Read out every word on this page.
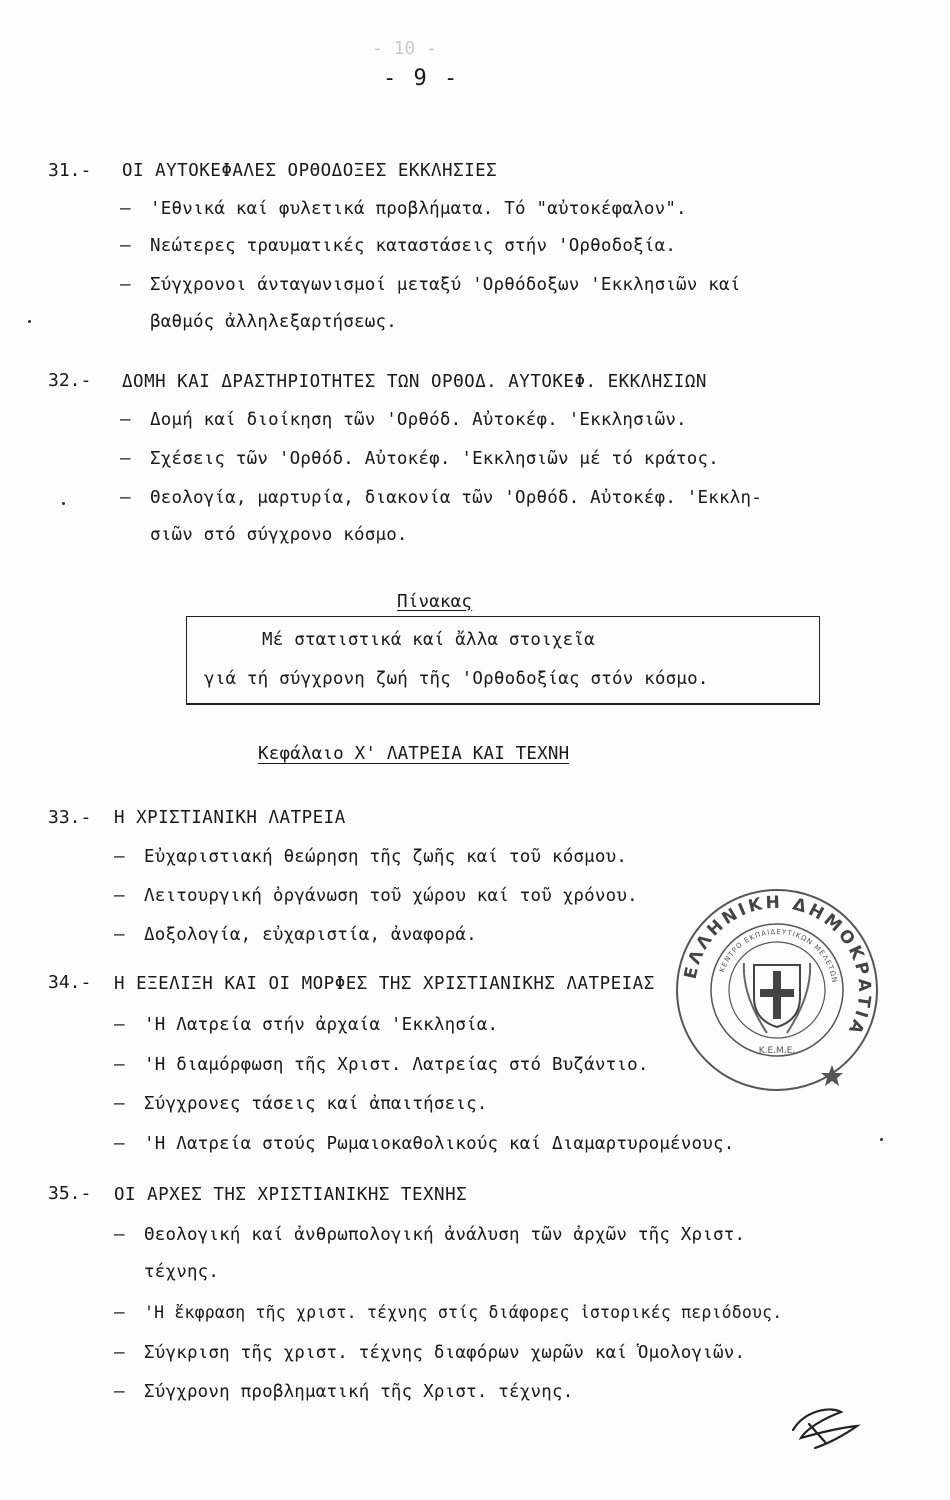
- 10 -
- 9 -
31.- ΟΙ ΑΥΤΟΚΕΦΑΛΕΣ ΟΡΘΟΔΟΞΕΣ ΕΚΚΛΗΣΙΕΣ
– 'Εθνικά καί φυλετικά προβλήματα. Τό "αὐτοκέφαλον".
– Νεώτερες τραυματικές καταστάσεις στήν 'Ορθοδοξία.
– Σύγχρονοι άνταγωνισμοί μεταξύ 'Ορθόδοξων 'Εκκλησιῶν καί
βαθμός ἀλληλεξαρτήσεως.
32.- ΔΟΜΗ ΚΑΙ ΔΡΑΣΤΗΡΙΟΤΗΤΕΣ ΤΩΝ ΟΡΘΟΔ. ΑΥΤΟΚΕΦ. ΕΚΚΛΗΣΙΩΝ
– Δομή καί διοίκηση τῶν 'Ορθόδ. Αὐτοκέφ. 'Εκκλησιῶν.
– Σχέσεις τῶν 'Ορθόδ. Αὐτοκέφ. 'Εκκλησιῶν μέ τό κράτος.
– Θεολογία, μαρτυρία, διακονία τῶν 'Ορθόδ. Αὐτοκέφ. 'Εκκλη-
σιῶν στό σύγχρονο κόσμο.
Πίνακας
Μέ στατιστικά καί ἄλλα στοιχεῖα
γιά τή σύγχρονη ζωή τῆς 'Ορθοδοξίας στόν κόσμο.
Κεφάλαιο Χ' ΛΑΤΡΕΙΑ ΚΑΙ ΤΕΧΝΗ
33.- Η ΧΡΙΣΤΙΑΝΙΚΗ ΛΑΤΡΕΙΑ
– Εὐχαριστιακή θεώρηση τῆς ζωῆς καί τοῦ κόσμου.
– Λειτουργική ὀργάνωση τοῦ χώρου καί τοῦ χρόνου.
– Δοξολογία, εὐχαριστία, ἀναφορά.
34.- Η ΕΞΕΛΙΞΗ ΚΑΙ ΟΙ ΜΟΡΦΕΣ ΤΗΣ ΧΡΙΣΤΙΑΝΙΚΗΣ ΛΑΤΡΕΙΑΣ
– 'Η Λατρεία στήν ἀρχαία 'Εκκλησία.
– 'Η διαμόρφωση τῆς Χριστ. Λατρείας στό Βυζάντιο.
– Σύγχρονες τάσεις καί ἀπαιτήσεις.
– 'Η Λατρεία στούς Ρωμαιοκαθολικούς καί Διαμαρτυρομένους.
35.- ΟΙ ΑΡΧΕΣ ΤΗΣ ΧΡΙΣΤΙΑΝΙΚΗΣ ΤΕΧΝΗΣ
– Θεολογική καί ἀνθρωπολογική ἀνάλυση τῶν ἀρχῶν τῆς Χριστ.
τέχνης.
– 'Η ἔκφραση τῆς χριστ. τέχνης στίς διάφορες ἱστορικές περιόδους.
– Σύγκριση τῆς χριστ. τέχνης διαφόρων χωρῶν καί Ὁμολογιῶν.
– Σύγχρονη προβληματική τῆς Χριστ. τέχνης.
ΕΛΛΗΝΙΚΗ ΔΗΜΟΚΡΑΤΙΑ
ΚΕΝΤΡΟ ΕΚΠΑΙΔΕΥΤΙΚΩΝ ΜΕΛΕΤΩΝ
Κ.Ε.Μ.Ε.
